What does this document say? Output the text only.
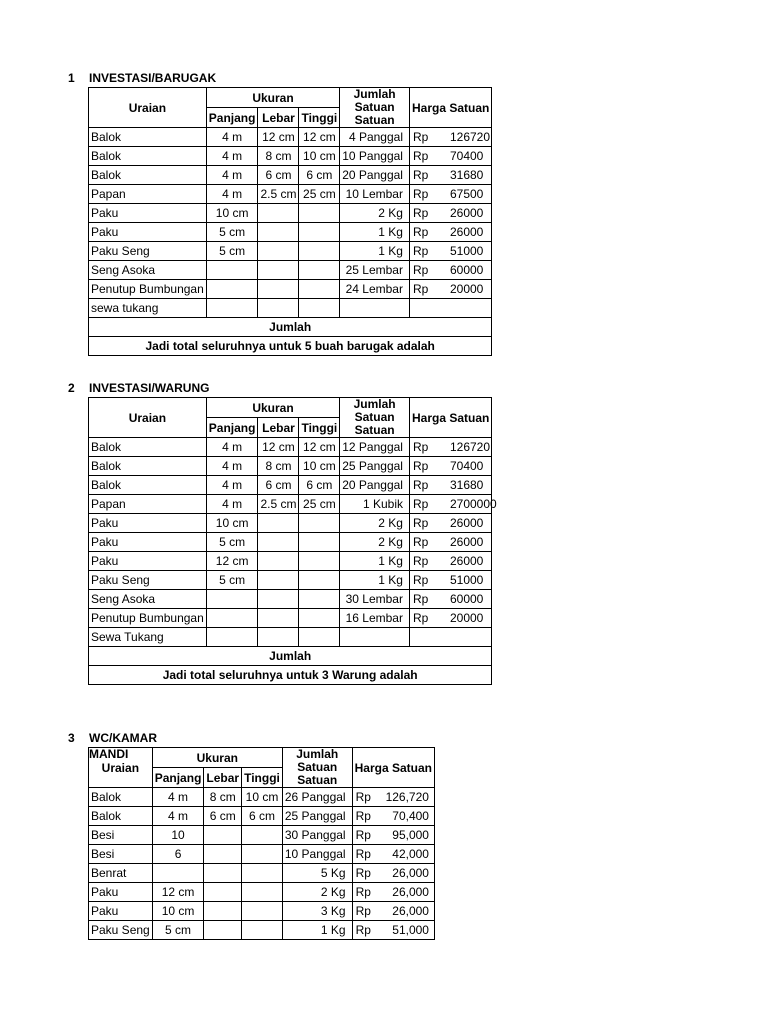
1	INVESTASI/BARUGAK
Uraian	Ukuran			Jumlah
Satuan
Satuan	Harga Satuan
	Panjang	Lebar	Tinggi		
Balok	4 m	12 cm	12 cm	4 Panggal	Rp 126720

Balok	4 m	8 cm	10 cm	10 Panggal	Rp 70400

Balok	4 m	6 cm	6 cm	20 Panggal	Rp 31680

Papan	4 m	2.5 cm	25 cm	10 Lembar	Rp 67500

Paku	10 cm			2 Kg	Rp 26000

Paku	5 cm			1 Kg	Rp 26000

Paku Seng	5 cm			1 Kg	Rp 51000

Seng Asoka				25 Lembar	Rp 60000

Penutup Bumbungan				24 Lembar	Rp 20000

sewa tukang					
Jumlah					
Jadi total seluruhnya untuk 5 buah barugak adalah					
2	INVESTASI/WARUNG
Uraian	Ukuran			Jumlah
Satuan
Satuan	Harga Satuan
	Panjang	Lebar	Tinggi		
Balok	4 m	12 cm	12 cm	12 Panggal	Rp 126720

Balok	4 m	8 cm	10 cm	25 Panggal	Rp 70400

Balok	4 m	6 cm	6 cm	20 Panggal	Rp 31680

Papan	4 m	2.5 cm	25 cm	1 Kubik	Rp 2700000

Paku	10 cm			2 Kg	Rp 26000

Paku	5 cm			2 Kg	Rp 26000

Paku	12 cm			1 Kg	Rp 26000

Paku Seng	5 cm			1 Kg	Rp 51000

Seng Asoka				30 Lembar	Rp 60000

Penutup Bumbungan				16 Lembar	Rp 20000

Sewa Tukang					
Jumlah					
Jadi total seluruhnya untuk 3 Warung adalah					
3	WC/KAMAR MANDI
Uraian	Ukuran			Jumlah
Satuan
Satuan	Harga Satuan
	Panjang	Lebar	Tinggi		
Balok	4 m	8 cm	10 cm	26 Panggal	Rp 126,720

Balok	4 m	6 cm	6 cm	25 Panggal	Rp 70,400

Besi	10			30 Panggal	Rp 95,000

Besi	6			10 Panggal	Rp 42,000

Benrat				5 Kg	Rp 26,000

Paku	12 cm			2 Kg	Rp 26,000

Paku	10 cm			3 Kg	Rp 26,000

Paku Seng	5 cm			1 Kg	Rp 51,000
